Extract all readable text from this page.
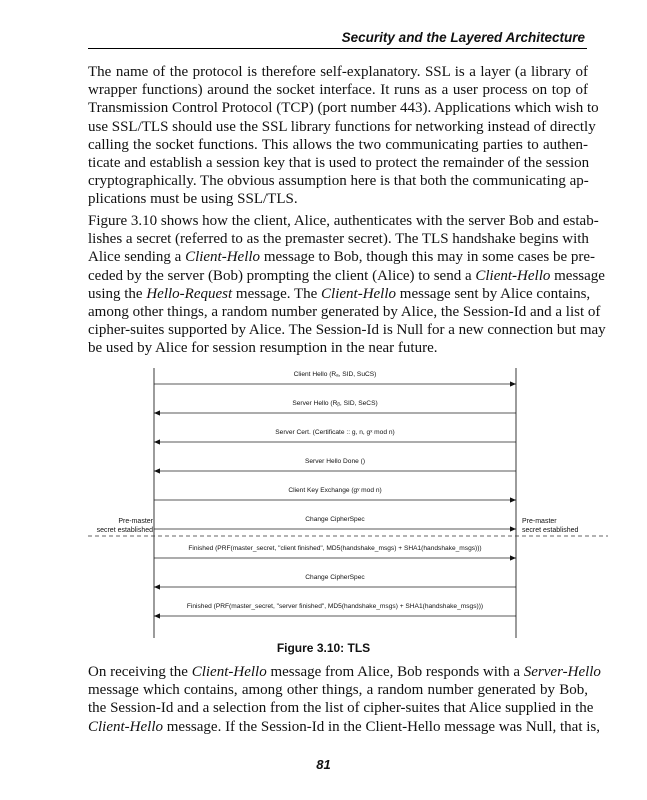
Security and the Layered Architecture
The name of the protocol is therefore self-explanatory. SSL is a layer (a library of
wrapper functions) around the socket interface. It runs as a user process on top of
Transmission Control Protocol (TCP) (port number 443). Applications which wish to
use SSL/TLS should use the SSL library functions for networking instead of directly
calling the socket functions. This allows the two communicating parties to authen-
ticate and establish a session key that is used to protect the remainder of the session
cryptographically. The obvious assumption here is that both the communicating ap-
plications must be using SSL/TLS.
Figure 3.10 shows how the client, Alice, authenticates with the server Bob and estab-
lishes a secret (referred to as the premaster secret). The TLS handshake begins with
Alice sending a Client-Hello message to Bob, though this may in some cases be pre-
ceded by the server (Bob) prompting the client (Alice) to send a Client-Hello message
using the Hello-Request message. The Client-Hello message sent by Alice contains,
among other things, a random number generated by Alice, the Session-Id and a list of
cipher-suites supported by Alice. The Session-Id is Null for a new connection but may
be used by Alice for session resumption in the near future.
Pre-master
secret established
Pre-master
secret established
Client Hello (Rₐ, SID, SuCS)
Server Hello (Rᵦ, SID, SeCS)
Server Cert. (Certificate :: g, n, gˣ mod n)
Server Hello Done ()
Client Key Exchange (gʸ mod n)
Change CipherSpec
Finished (PRF(master_secret, "client finished", MD5(handshake_msgs) + SHA1(handshake_msgs)))
Change CipherSpec
Finished (PRF(master_secret, "server finished", MD5(handshake_msgs) + SHA1(handshake_msgs)))
Figure 3.10: TLS
On receiving the Client-Hello message from Alice, Bob responds with a Server-Hello
message which contains, among other things, a random number generated by Bob,
the Session-Id and a selection from the list of cipher-suites that Alice supplied in the
Client-Hello message. If the Session-Id in the Client-Hello message was Null, that is,
81
